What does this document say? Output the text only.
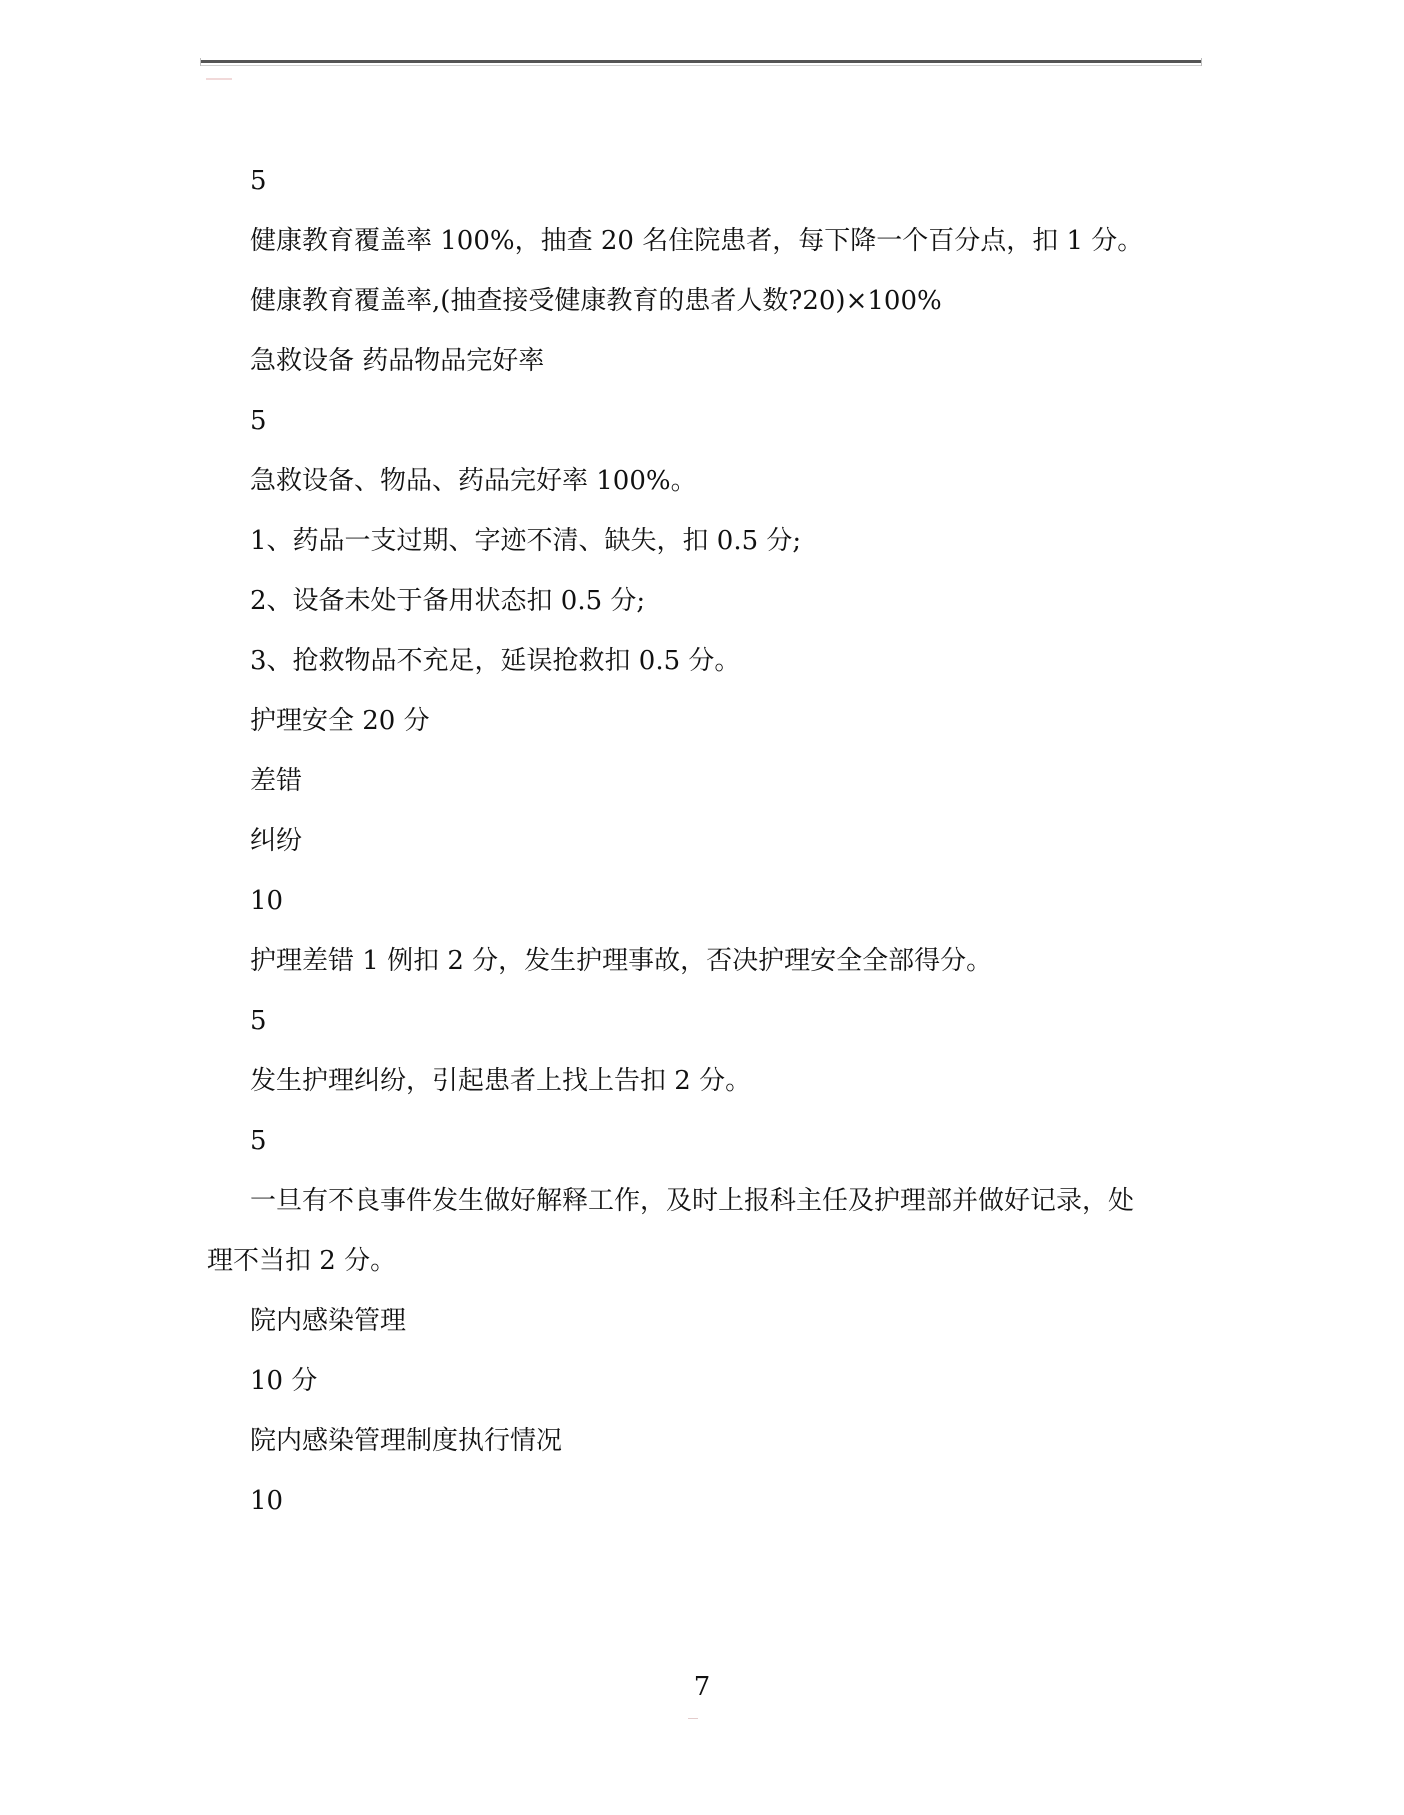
5
健康教育覆盖率 100%，抽查 20 名住院患者，每下降一个百分点，扣 1 分。
健康教育覆盖率,(抽查接受健康教育的患者人数?20)×100%
急救设备 药品物品完好率
5
急救设备、物品、药品完好率 100%。
1、药品一支过期、字迹不清、缺失，扣 0.5 分;
2、设备未处于备用状态扣 0.5 分;
3、抢救物品不充足，延误抢救扣 0.5 分。
护理安全 20 分
差错
纠纷
10
护理差错 1 例扣 2 分，发生护理事故，否决护理安全全部得分。
5
发生护理纠纷，引起患者上找上告扣 2 分。
5
一旦有不良事件发生做好解释工作，及时上报科主任及护理部并做好记录，处
理不当扣 2 分。
院内感染管理
10 分
院内感染管理制度执行情况
10
7
